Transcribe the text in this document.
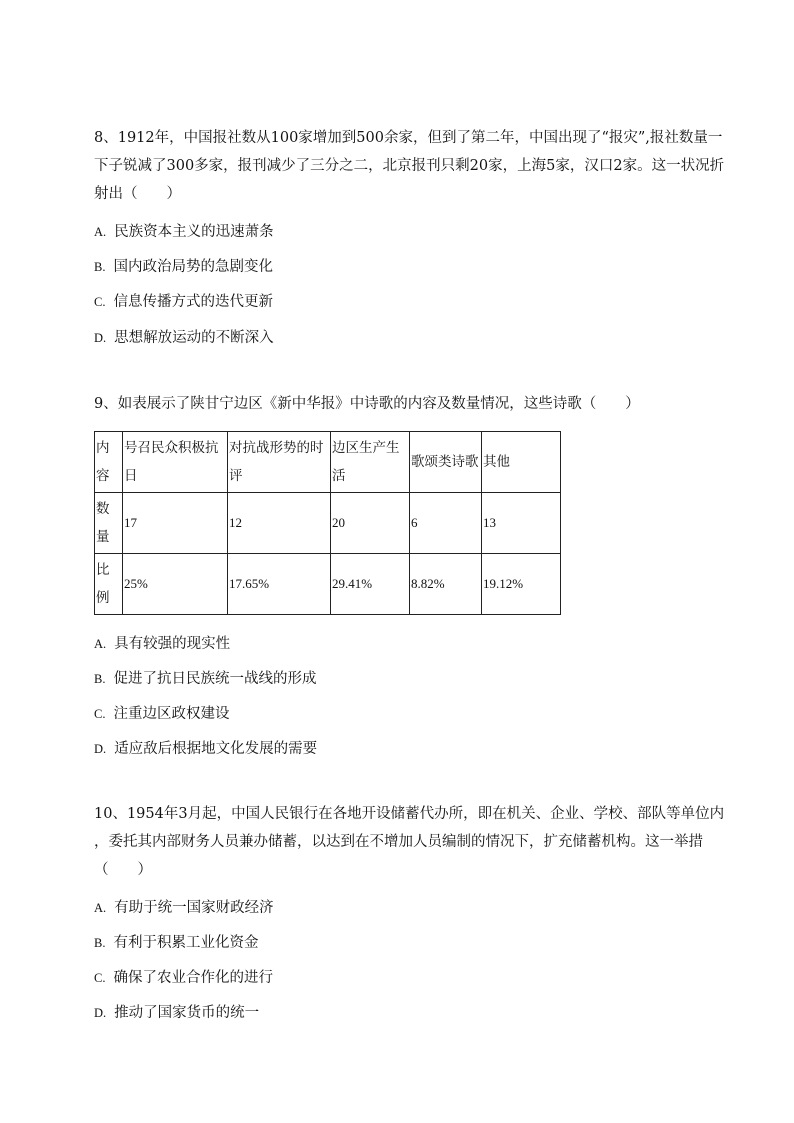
8、1912年，中国报社数从100家增加到500余家，但到了第二年，中国出现了“报灾”,报社数量一
下子锐减了300多家，报刊减少了三分之二，北京报刊只剩20家，上海5家，汉口2家。这一状况折
射出（　　）
A. 民族资本主义的迅速萧条
B. 国内政治局势的急剧变化
C. 信息传播方式的迭代更新
D. 思想解放运动的不断深入
9、如表展示了陕甘宁边区《新中华报》中诗歌的内容及数量情况，这些诗歌（　　）
内容	号召民众积极抗日	对抗战形势的时评	边区生产生活	歌颂类诗歌	其他

数量	17	12	20	6	13

比例	25%	17.65%	29.41%	8.82%	19.12%
A. 具有较强的现实性
B. 促进了抗日民族统一战线的形成
C. 注重边区政权建设
D. 适应敌后根据地文化发展的需要
10、1954年3月起，中国人民银行在各地开设储蓄代办所，即在机关、企业、学校、部队等单位内
，委托其内部财务人员兼办储蓄，以达到在不增加人员编制的情况下，扩充储蓄机构。这一举措
（　　）
A. 有助于统一国家财政经济
B. 有利于积累工业化资金
C. 确保了农业合作化的进行
D. 推动了国家货币的统一
